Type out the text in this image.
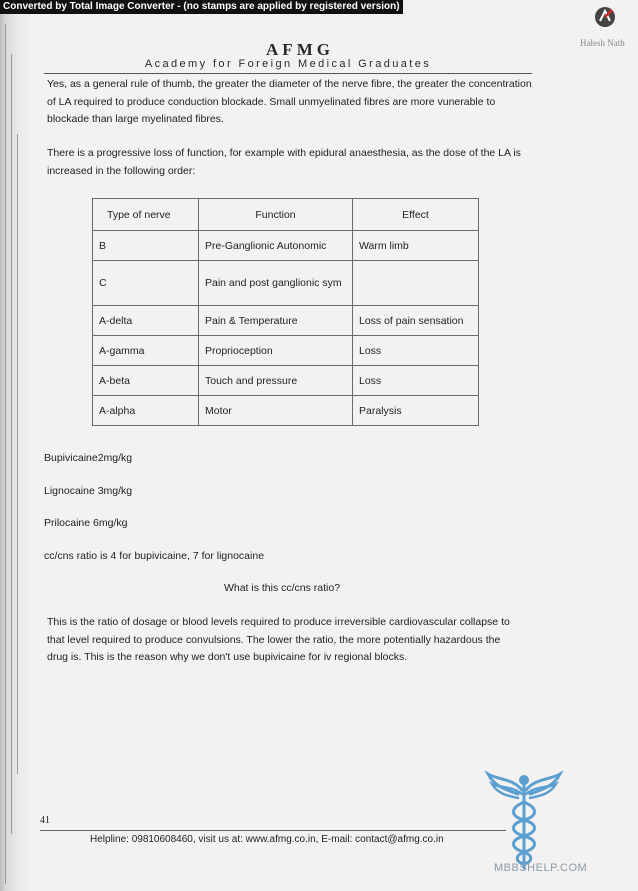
Converted by Total Image Converter - (no stamps are applied by registered version)
Hałesh Nath
AFMG
Academy for Foreign Medical Graduates
Yes, as a general rule of thumb, the greater the diameter of the nerve fibre, the greater the concentration of LA required to produce conduction blockade. Small unmyelinated fibres are more vunerable to blockade than large myelinated fibres.
There is a progressive loss of function, for example with epidural anaesthesia, as the dose of the LA is increased in the following order:
Type of nerve	Function	Effect
B	Pre-Ganglionic Autonomic	Warm limb
C	Pain and post ganglionic sym	
A-delta	Pain & Temperature	Loss of pain sensation
A-gamma	Proprioception	Loss
A-beta	Touch and pressure	Loss
A-alpha	Motor	Paralysis
Bupivicaine2mg/kg
Lignocaine 3mg/kg
Prilocaine 6mg/kg
cc/cns ratio is 4 for bupivicaine, 7 for lignocaine
What is this cc/cns ratio?
This is the ratio of dosage or blood levels required to produce irreversible cardiovascular collapse to that level required to produce convulsions. The lower the ratio, the more potentially hazardous the drug is. This is the reason why we don't use bupivicaine for iv regional blocks.
41
Helpline: 09810608460, visit us at: www.afmg.co.in, E-mail: contact@afmg.co.in
MBBSHELP.COM
